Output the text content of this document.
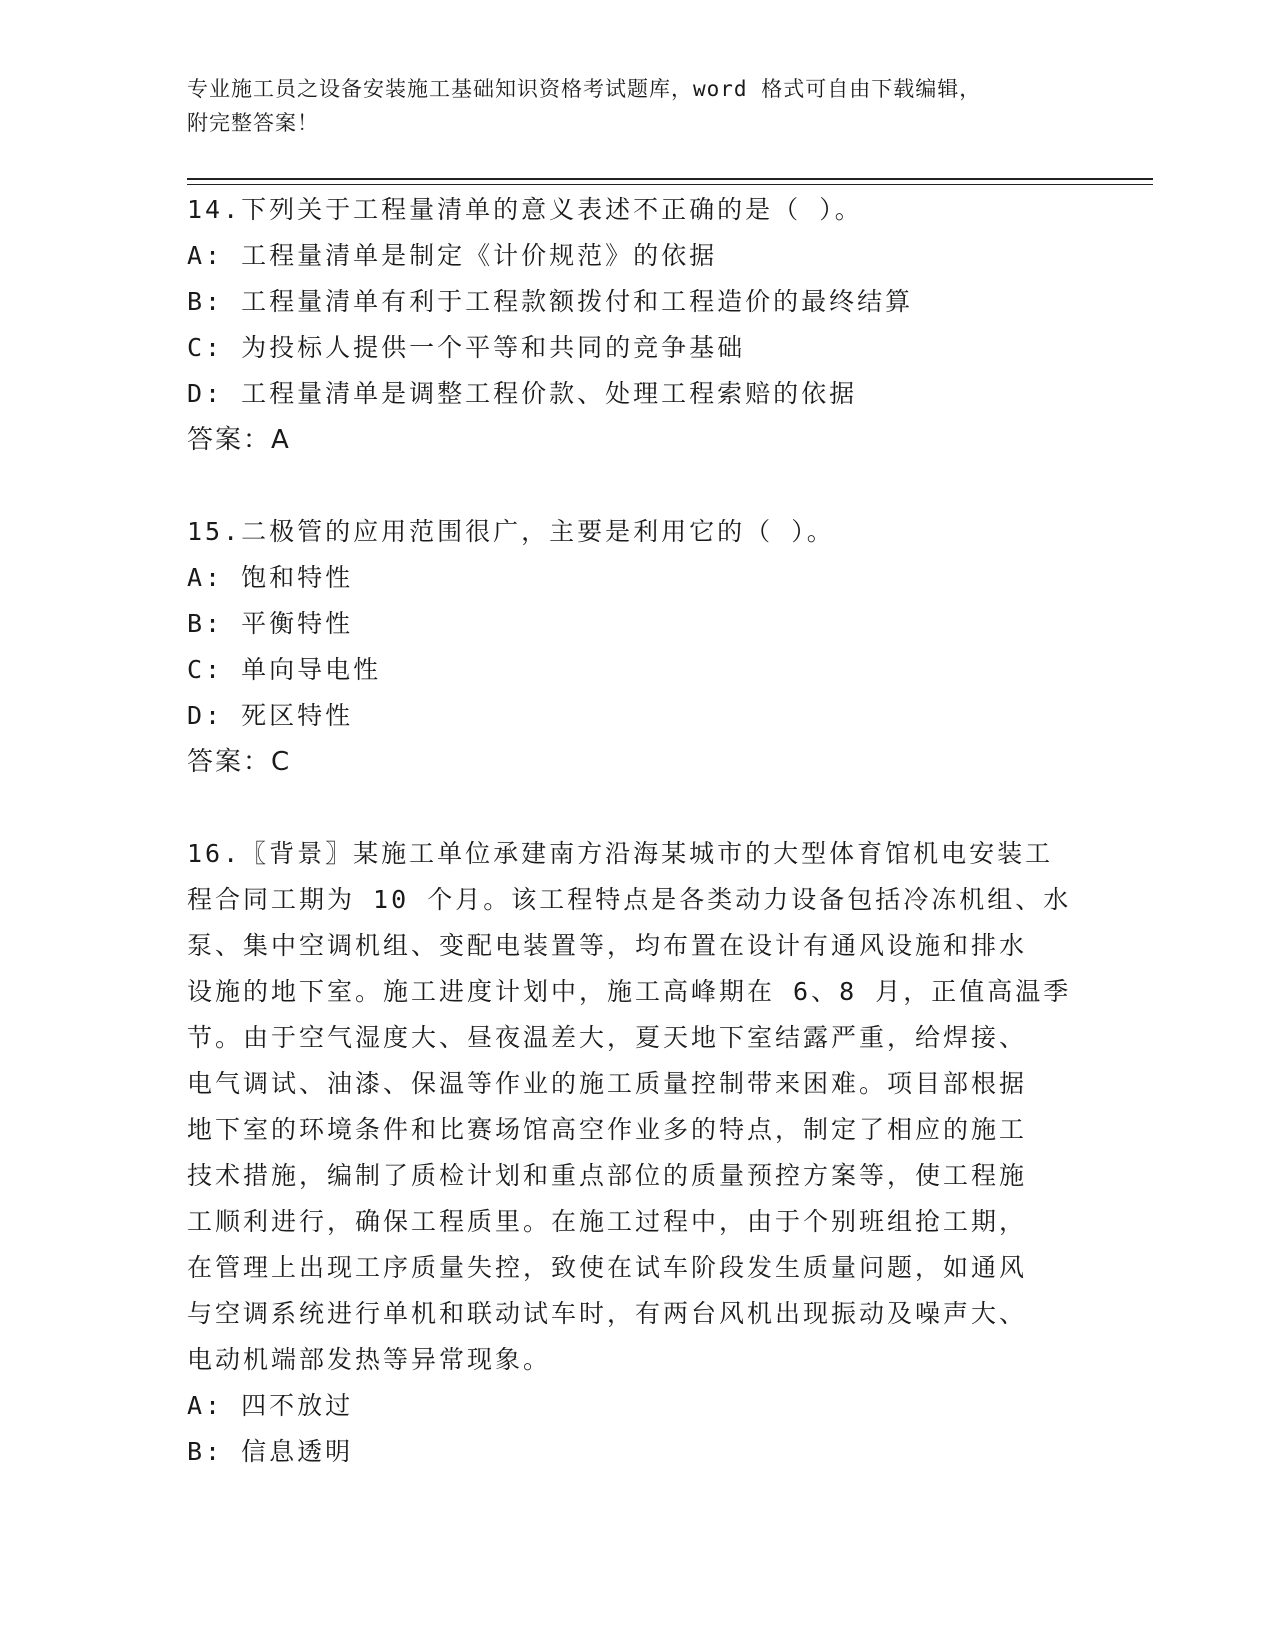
专业施工员之设备安装施工基础知识资格考试题库，word 格式可自由下载编辑，
附完整答案！
14.下列关于工程量清单的意义表述不正确的是（ ）。
A: 工程量清单是制定《计价规范》的依据
B: 工程量清单有利于工程款额拨付和工程造价的最终结算
C: 为投标人提供一个平等和共同的竞争基础
D: 工程量清单是调整工程价款、处理工程索赔的依据
答案：A
15.二极管的应用范围很广，主要是利用它的（ ）。
A: 饱和特性
B: 平衡特性
C: 单向导电性
D: 死区特性
答案：C
16.〖背景〗某施工单位承建南方沿海某城市的大型体育馆机电安装工
程合同工期为 10 个月。该工程特点是各类动力设备包括冷冻机组、水
泵、集中空调机组、变配电装置等，均布置在设计有通风设施和排水
设施的地下室。施工进度计划中，施工高峰期在 6、8 月，正值高温季
节。由于空气湿度大、昼夜温差大，夏天地下室结露严重，给焊接、
电气调试、油漆、保温等作业的施工质量控制带来困难。项目部根据
地下室的环境条件和比赛场馆高空作业多的特点，制定了相应的施工
技术措施，编制了质检计划和重点部位的质量预控方案等，使工程施
工顺利进行，确保工程质里。在施工过程中，由于个别班组抢工期，
在管理上出现工序质量失控，致使在试车阶段发生质量问题，如通风
与空调系统进行单机和联动试车时，有两台风机出现振动及噪声大、
电动机端部发热等异常现象。
A: 四不放过
B: 信息透明
